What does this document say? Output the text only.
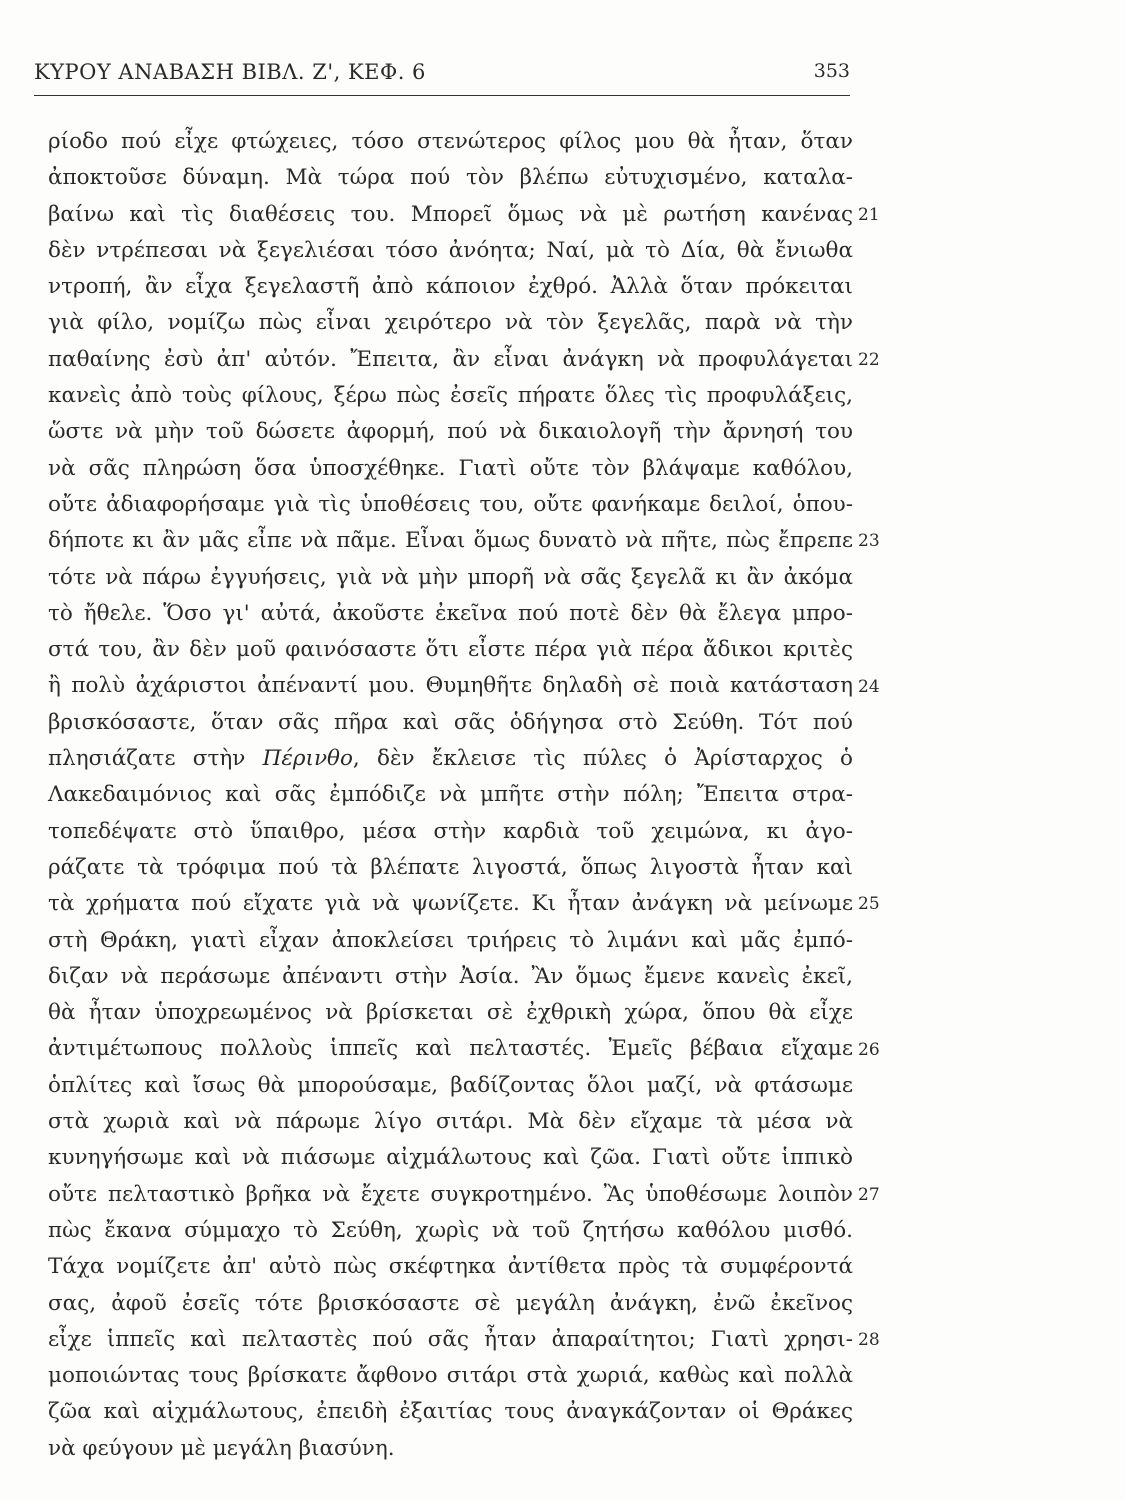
ΚΥΡΟΥ ΑΝΑΒΑΣΗ ΒΙΒΛ. Ζ', ΚΕΦ. 6	353
ρίοδο πού εἶχε φτώχειες, τόσο στενώτερος φίλος μου θὰ ἦταν, ὅταν
ἀποκτοῦσε δύναμη. Μὰ τώρα πού τὸν βλέπω εὐτυχισμένο, καταλα-
βαίνω καὶ τὶς διαθέσεις του. Μπορεῖ ὅμως νὰ μὲ ρωτήση κανένας
δὲν ντρέπεσαι νὰ ξεγελιέσαι τόσο ἀνόητα; Ναί, μὰ τὸ Δία, θὰ ἔνιωθα
ντροπή, ἂν εἶχα ξεγελαστῆ ἀπὸ κάποιον ἐχθρό. Ἀλλὰ ὅταν πρόκειται
γιὰ φίλο, νομίζω πὼς εἶναι χειρότερο νὰ τὸν ξεγελᾶς, παρὰ νὰ τὴν
παθαίνης ἐσὺ ἀπ' αὐτόν. Ἔπειτα, ἂν εἶναι ἀνάγκη νὰ προφυλάγεται
κανεὶς ἀπὸ τοὺς φίλους, ξέρω πὼς ἐσεῖς πήρατε ὅλες τὶς προφυλάξεις,
ὥστε νὰ μὴν τοῦ δώσετε ἀφορμή, πού νὰ δικαιολογῆ τὴν ἄρνησή του
νὰ σᾶς πληρώση ὅσα ὑποσχέθηκε. Γιατὶ οὔτε τὸν βλάψαμε καθόλου,
οὔτε ἀδιαφορήσαμε γιὰ τὶς ὑποθέσεις του, οὔτε φανήκαμε δειλοί, ὁπου-
δήποτε κι ἂν μᾶς εἶπε νὰ πᾶμε. Εἶναι ὅμως δυνατὸ νὰ πῆτε, πὼς ἔπρεπε
τότε νὰ πάρω ἐγγυήσεις, γιὰ νὰ μὴν μπορῆ νὰ σᾶς ξεγελᾶ κι ἂν ἀκόμα
τὸ ἤθελε. Ὅσο γι' αὐτά, ἀκοῦστε ἐκεῖνα πού ποτὲ δὲν θὰ ἔλεγα μπρο-
στά του, ἂν δὲν μοῦ φαινόσαστε ὅτι εἶστε πέρα γιὰ πέρα ἄδικοι κριτὲς
ἢ πολὺ ἀχάριστοι ἀπέναντί μου. Θυμηθῆτε δηλαδὴ σὲ ποιὰ κατάσταση
βρισκόσαστε, ὅταν σᾶς πῆρα καὶ σᾶς ὁδήγησα στὸ Σεύθη. Τότ πού
πλησιάζατε στὴν Πέρινθο, δὲν ἔκλεισε τὶς πύλες ὁ Ἀρίσταρχος ὁ
Λακεδαιμόνιος καὶ σᾶς ἐμπόδιζε νὰ μπῆτε στὴν πόλη; Ἔπειτα στρα-
τοπεδέψατε στὸ ὕπαιθρο, μέσα στὴν καρδιὰ τοῦ χειμώνα, κι ἀγο-
ράζατε τὰ τρόφιμα πού τὰ βλέπατε λιγοστά, ὅπως λιγοστὰ ἦταν καὶ
τὰ χρήματα πού εἴχατε γιὰ νὰ ψωνίζετε. Κι ἦταν ἀνάγκη νὰ μείνωμε
στὴ Θράκη, γιατὶ εἶχαν ἀποκλείσει τριήρεις τὸ λιμάνι καὶ μᾶς ἐμπό-
διζαν νὰ περάσωμε ἀπέναντι στὴν Ἀσία. Ἂν ὅμως ἔμενε κανεὶς ἐκεῖ,
θὰ ἦταν ὑποχρεωμένος νὰ βρίσκεται σὲ ἐχθρικὴ χώρα, ὅπου θὰ εἶχε
ἀντιμέτωπους πολλοὺς ἱππεῖς καὶ πελταστές. Ἐμεῖς βέβαια εἴχαμε
ὁπλίτες καὶ ἴσως θὰ μπορούσαμε, βαδίζοντας ὅλοι μαζί, νὰ φτάσωμε
στὰ χωριὰ καὶ νὰ πάρωμε λίγο σιτάρι. Μὰ δὲν εἴχαμε τὰ μέσα νὰ
κυνηγήσωμε καὶ νὰ πιάσωμε αἰχμάλωτους καὶ ζῶα. Γιατὶ οὔτε ἱππικὸ
οὔτε πελταστικὸ βρῆκα νὰ ἔχετε συγκροτημένο. Ἂς ὑποθέσωμε λοιπὸν
πὼς ἔκανα σύμμαχο τὸ Σεύθη, χωρὶς νὰ τοῦ ζητήσω καθόλου μισθό.
Τάχα νομίζετε ἀπ' αὐτὸ πὼς σκέφτηκα ἀντίθετα πρὸς τὰ συμφέροντά
σας, ἀφοῦ ἐσεῖς τότε βρισκόσαστε σὲ μεγάλη ἀνάγκη, ἐνῶ ἐκεῖνος
εἶχε ἱππεῖς καὶ πελταστὲς πού σᾶς ἦταν ἀπαραίτητοι; Γιατὶ χρησι-
μοποιώντας τους βρίσκατε ἄφθονο σιτάρι στὰ χωριά, καθὼς καὶ πολλὰ
ζῶα καὶ αἰχμάλωτους, ἐπειδὴ ἐξαιτίας τους ἀναγκάζονταν οἱ Θράκες
νὰ φεύγουν μὲ μεγάλη βιασύνη.
21
22
23
24
25
26
27
28
